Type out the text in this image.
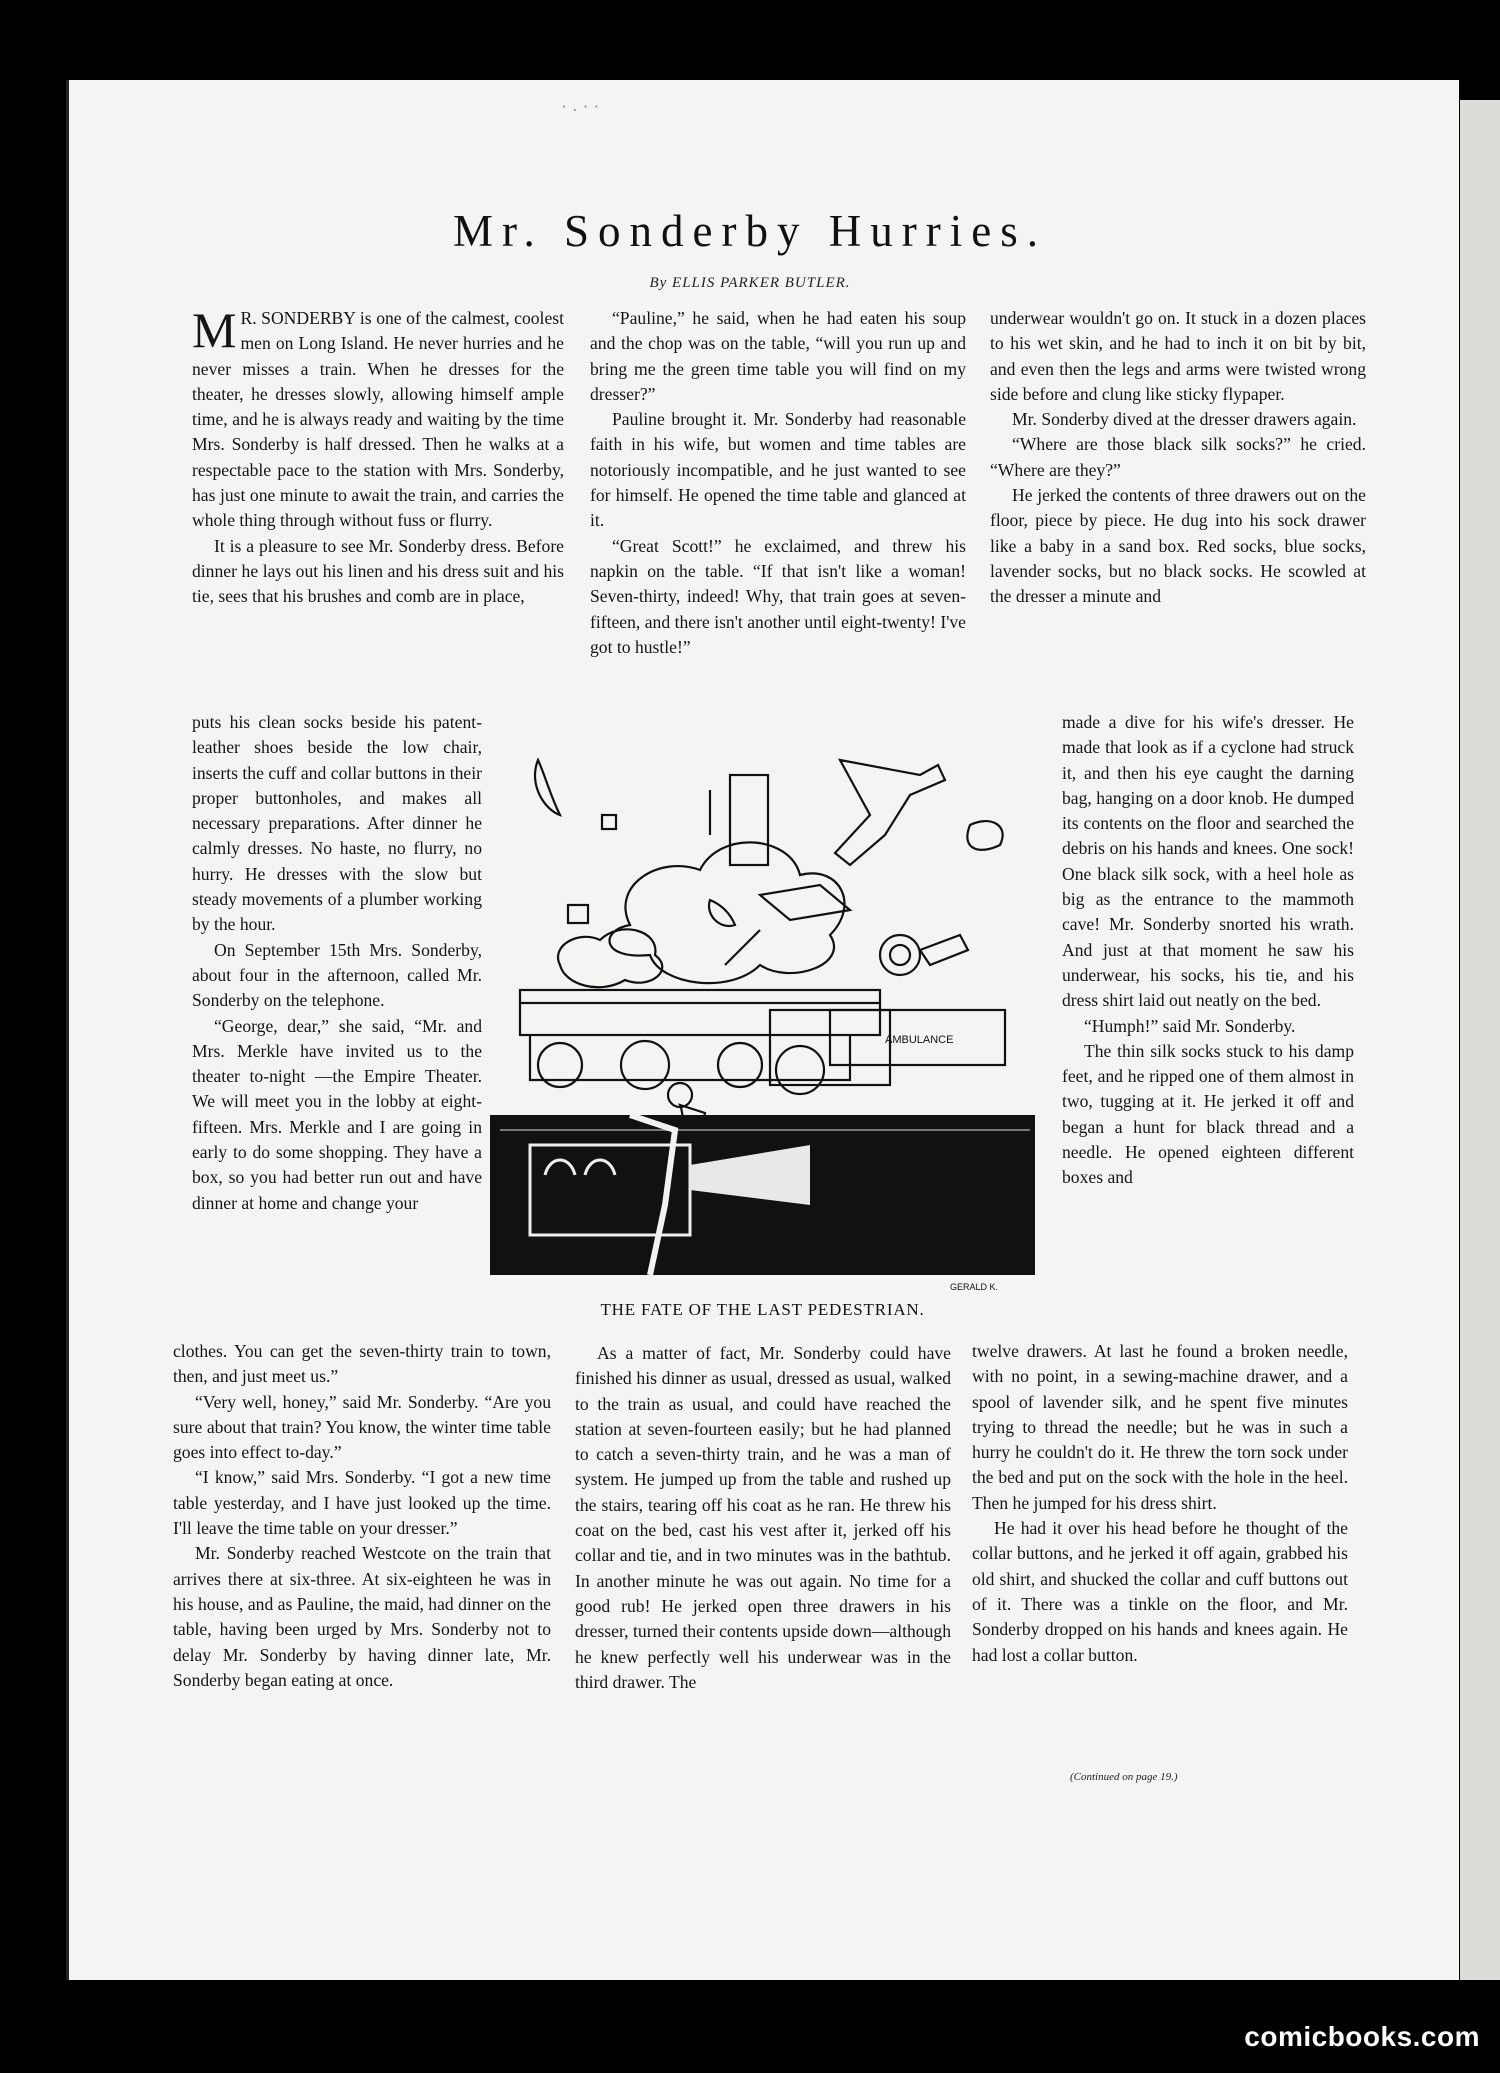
·.··
Mr. Sonderby Hurries.
By ELLIS PARKER BUTLER.

M R. SONDERBY is one of the calmest, coolest men on Long Island. He never hurries and he never misses a train. When he dresses for the theater, he dresses slowly, allowing himself ample time, and he is always ready and waiting by the time Mrs. Sonderby is half dressed. Then he walks at a respectable pace to the station with Mrs. Sonderby, has just one minute to await the train, and carries the whole thing through without fuss or flurry.

It is a pleasure to see Mr. Sonderby dress. Before dinner he lays out his linen and his dress suit and his tie, sees that his brushes and comb are in place,

puts his clean socks beside his patent-leather shoes beside the low chair, inserts the cuff and collar buttons in their proper buttonholes, and makes all necessary preparations. After dinner he calmly dresses. No haste, no flurry, no hurry. He dresses with the slow but steady movements of a plumber working by the hour.

On September 15th Mrs. Sonderby, about four in the afternoon, called Mr. Sonderby on the telephone.

“George, dear,” she said, “Mr. and Mrs. Merkle have invited us to the theater to-night —the Empire Theater. We will meet you in the lobby at eight-fifteen. Mrs. Merkle and I are going in early to do some shopping. They have a box, so you had better run out and have dinner at home and change your

clothes. You can get the seven-thirty train to town, then, and just meet us.”

“Very well, honey,” said Mr. Sonderby. “Are you sure about that train? You know, the winter time table goes into effect to-day.”

“I know,” said Mrs. Sonderby. “I got a new time table yesterday, and I have just looked up the time. I'll leave the time table on your dresser.”

Mr. Sonderby reached Westcote on the train that arrives there at six-three. At six-eighteen he was in his house, and as Pauline, the maid, had dinner on the table, having been urged by Mrs. Sonderby not to delay Mr. Sonderby by having dinner late, Mr. Sonderby began eating at once.

“Pauline,” he said, when he had eaten his soup and the chop was on the table, “will you run up and bring me the green time table you will find on my dresser?”

Pauline brought it. Mr. Sonderby had reasonable faith in his wife, but women and time tables are notoriously incompatible, and he just wanted to see for himself. He opened the time table and glanced at it.

“Great Scott!” he exclaimed, and threw his napkin on the table. “If that isn't like a woman! Seven-thirty, indeed! Why, that train goes at seven-fifteen, and there isn't another until eight-twenty! I've got to hustle!”

As a matter of fact, Mr. Sonderby could have finished his dinner as usual, dressed as usual, walked to the train as usual, and could have reached the station at seven-fourteen easily; but he had planned to catch a seven-thirty train, and he was a man of system. He jumped up from the table and rushed up the stairs, tearing off his coat as he ran. He threw his coat on the bed, cast his vest after it, jerked off his collar and tie, and in two minutes was in the bathtub. In another minute he was out again. No time for a good rub! He jerked open three drawers in his dresser, turned their contents upside down—although he knew perfectly well his underwear was in the third drawer. The

underwear wouldn't go on. It stuck in a dozen places to his wet skin, and he had to inch it on bit by bit, and even then the legs and arms were twisted wrong side before and clung like sticky flypaper.

Mr. Sonderby dived at the dresser drawers again.

“Where are those black silk socks?” he cried. “Where are they?”

He jerked the contents of three drawers out on the floor, piece by piece. He dug into his sock drawer like a baby in a sand box. Red socks, blue socks, lavender socks, but no black socks. He scowled at the dresser a minute and

made a dive for his wife's dresser. He made that look as if a cyclone had struck it, and then his eye caught the darning bag, hanging on a door knob. He dumped its contents on the floor and searched the debris on his hands and knees. One sock! One black silk sock, with a heel hole as big as the entrance to the mammoth cave! Mr. Sonderby snorted his wrath. And just at that moment he saw his underwear, his socks, his tie, and his dress shirt laid out neatly on the bed.

“Humph!” said Mr. Sonderby.

The thin silk socks stuck to his damp feet, and he ripped one of them almost in two, tugging at it. He jerked it off and began a hunt for black thread and a needle. He opened eighteen different boxes and

twelve drawers. At last he found a broken needle, with no point, in a sewing-machine drawer, and a spool of lavender silk, and he spent five minutes trying to thread the needle; but he was in such a hurry he couldn't do it. He threw the torn sock under the bed and put on the sock with the hole in the heel. Then he jumped for his dress shirt.

He had it over his head before he thought of the collar buttons, and he jerked it off again, grabbed his old shirt, and shucked the collar and cuff buttons out of it. There was a tinkle on the floor, and Mr. Sonderby dropped on his hands and knees again. He had lost a collar button.

AMBULANCE
GERALD K.
THE FATE OF THE LAST PEDESTRIAN.
(Continued on page 19.)
comicbooks.com
